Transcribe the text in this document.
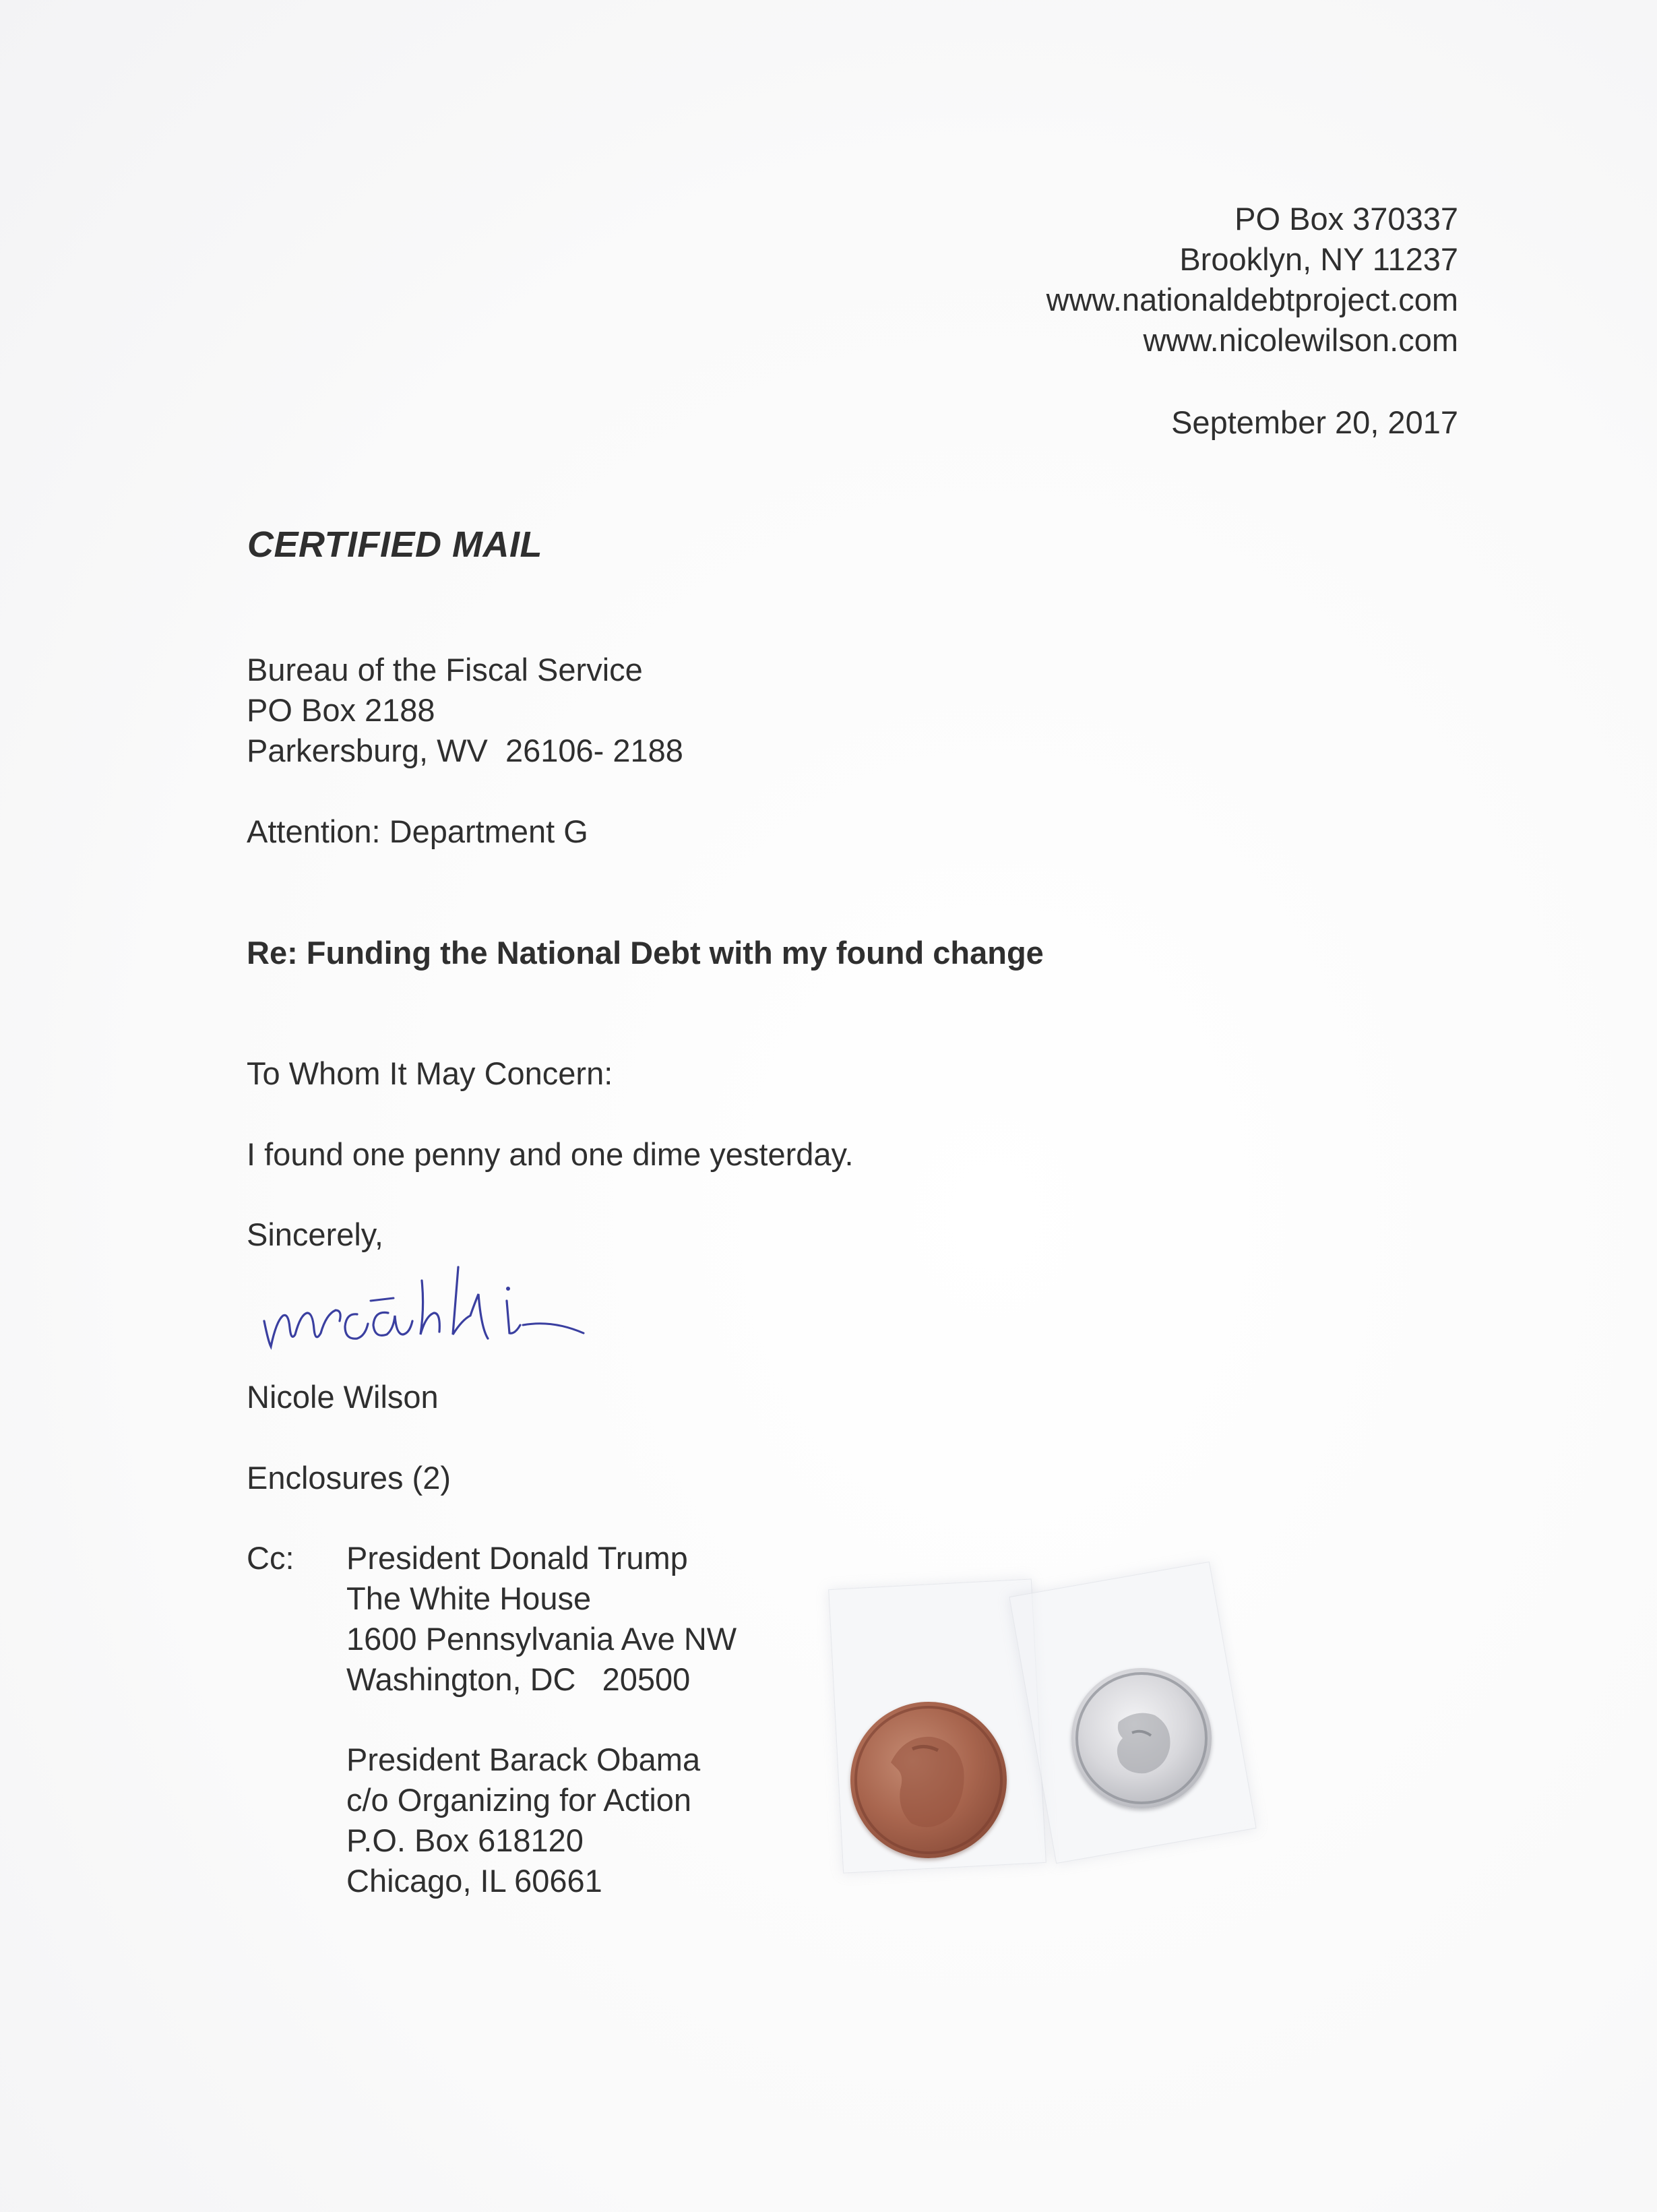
PO Box 370337
Brooklyn, NY 11237
www.nationaldebtproject.com
www.nicolewilson.com
September 20, 2017
CERTIFIED MAIL
Bureau of the Fiscal Service
PO Box 2188
Parkersburg, WV  26106- 2188
Attention: Department G
Re: Funding the National Debt with my found change
To Whom It May Concern:
I found one penny and one dime yesterday.
Sincerely,
Nicole Wilson
Enclosures (2)
Cc: President Donald Trump
The White House
1600 Pennsylvania Ave NW
Washington, DC   20500
President Barack Obama
c/o Organizing for Action
P.O. Box 618120
Chicago, IL 60661
